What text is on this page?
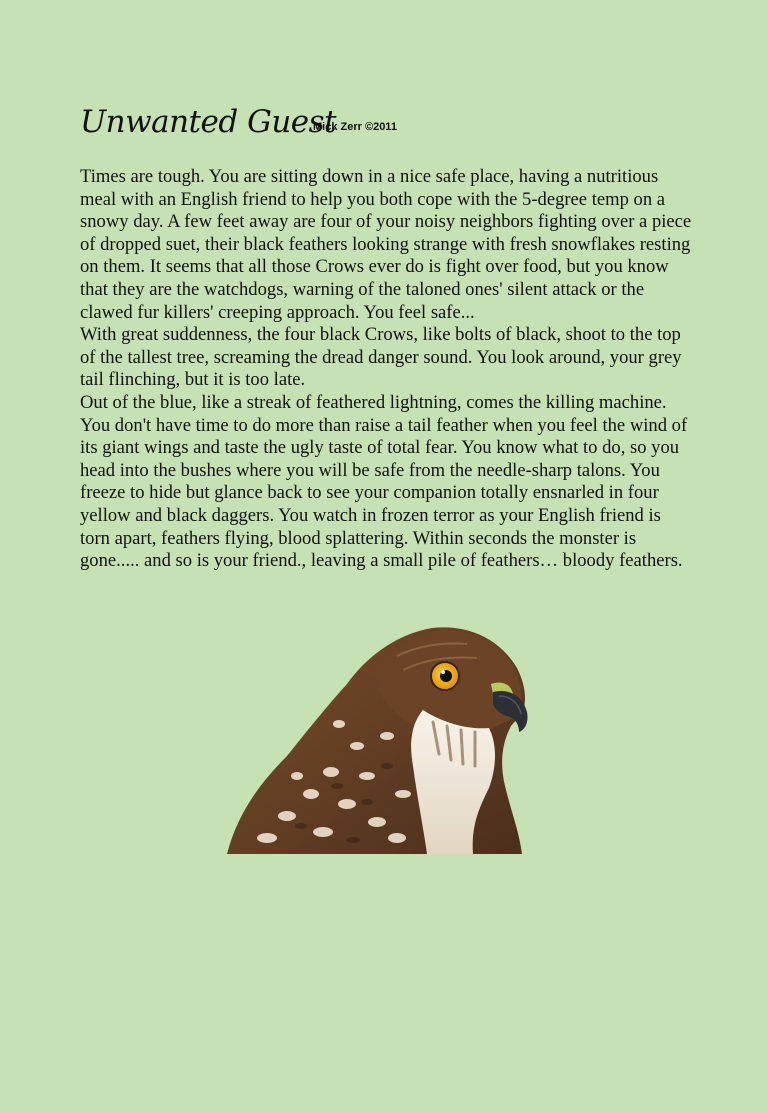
Unwanted Guest
Mick Zerr ©2011

Times are tough. You are sitting down in a nice safe place, having a nutritious meal with an English friend to help you both cope with the 5-degree temp on a snowy day. A few feet away are four of your noisy neighbors fighting over a piece of dropped suet, their black feathers looking strange with fresh snowflakes resting on them. It seems that all those Crows ever do is fight over food, but you know that they are the watchdogs, warning of the taloned ones' silent attack or the clawed fur killers' creeping approach. You feel safe...

With great suddenness, the four black Crows, like bolts of black, shoot to the top of the tallest tree, screaming the dread danger sound. You look around, your grey tail flinching, but it is too late.

Out of the blue, like a streak of feathered lightning, comes the killing machine. You don't have time to do more than raise a tail feather when you feel the wind of its giant wings and taste the ugly taste of total fear. You know what to do, so you head into the bushes where you will be safe from the needle-sharp talons. You freeze to hide but glance back to see your companion totally ensnarled in four yellow and black daggers. You watch in frozen terror as your English friend is torn apart, feathers flying, blood splattering. Within seconds the monster is gone..... and so is your friend., leaving a small pile of feathers… bloody feathers.
